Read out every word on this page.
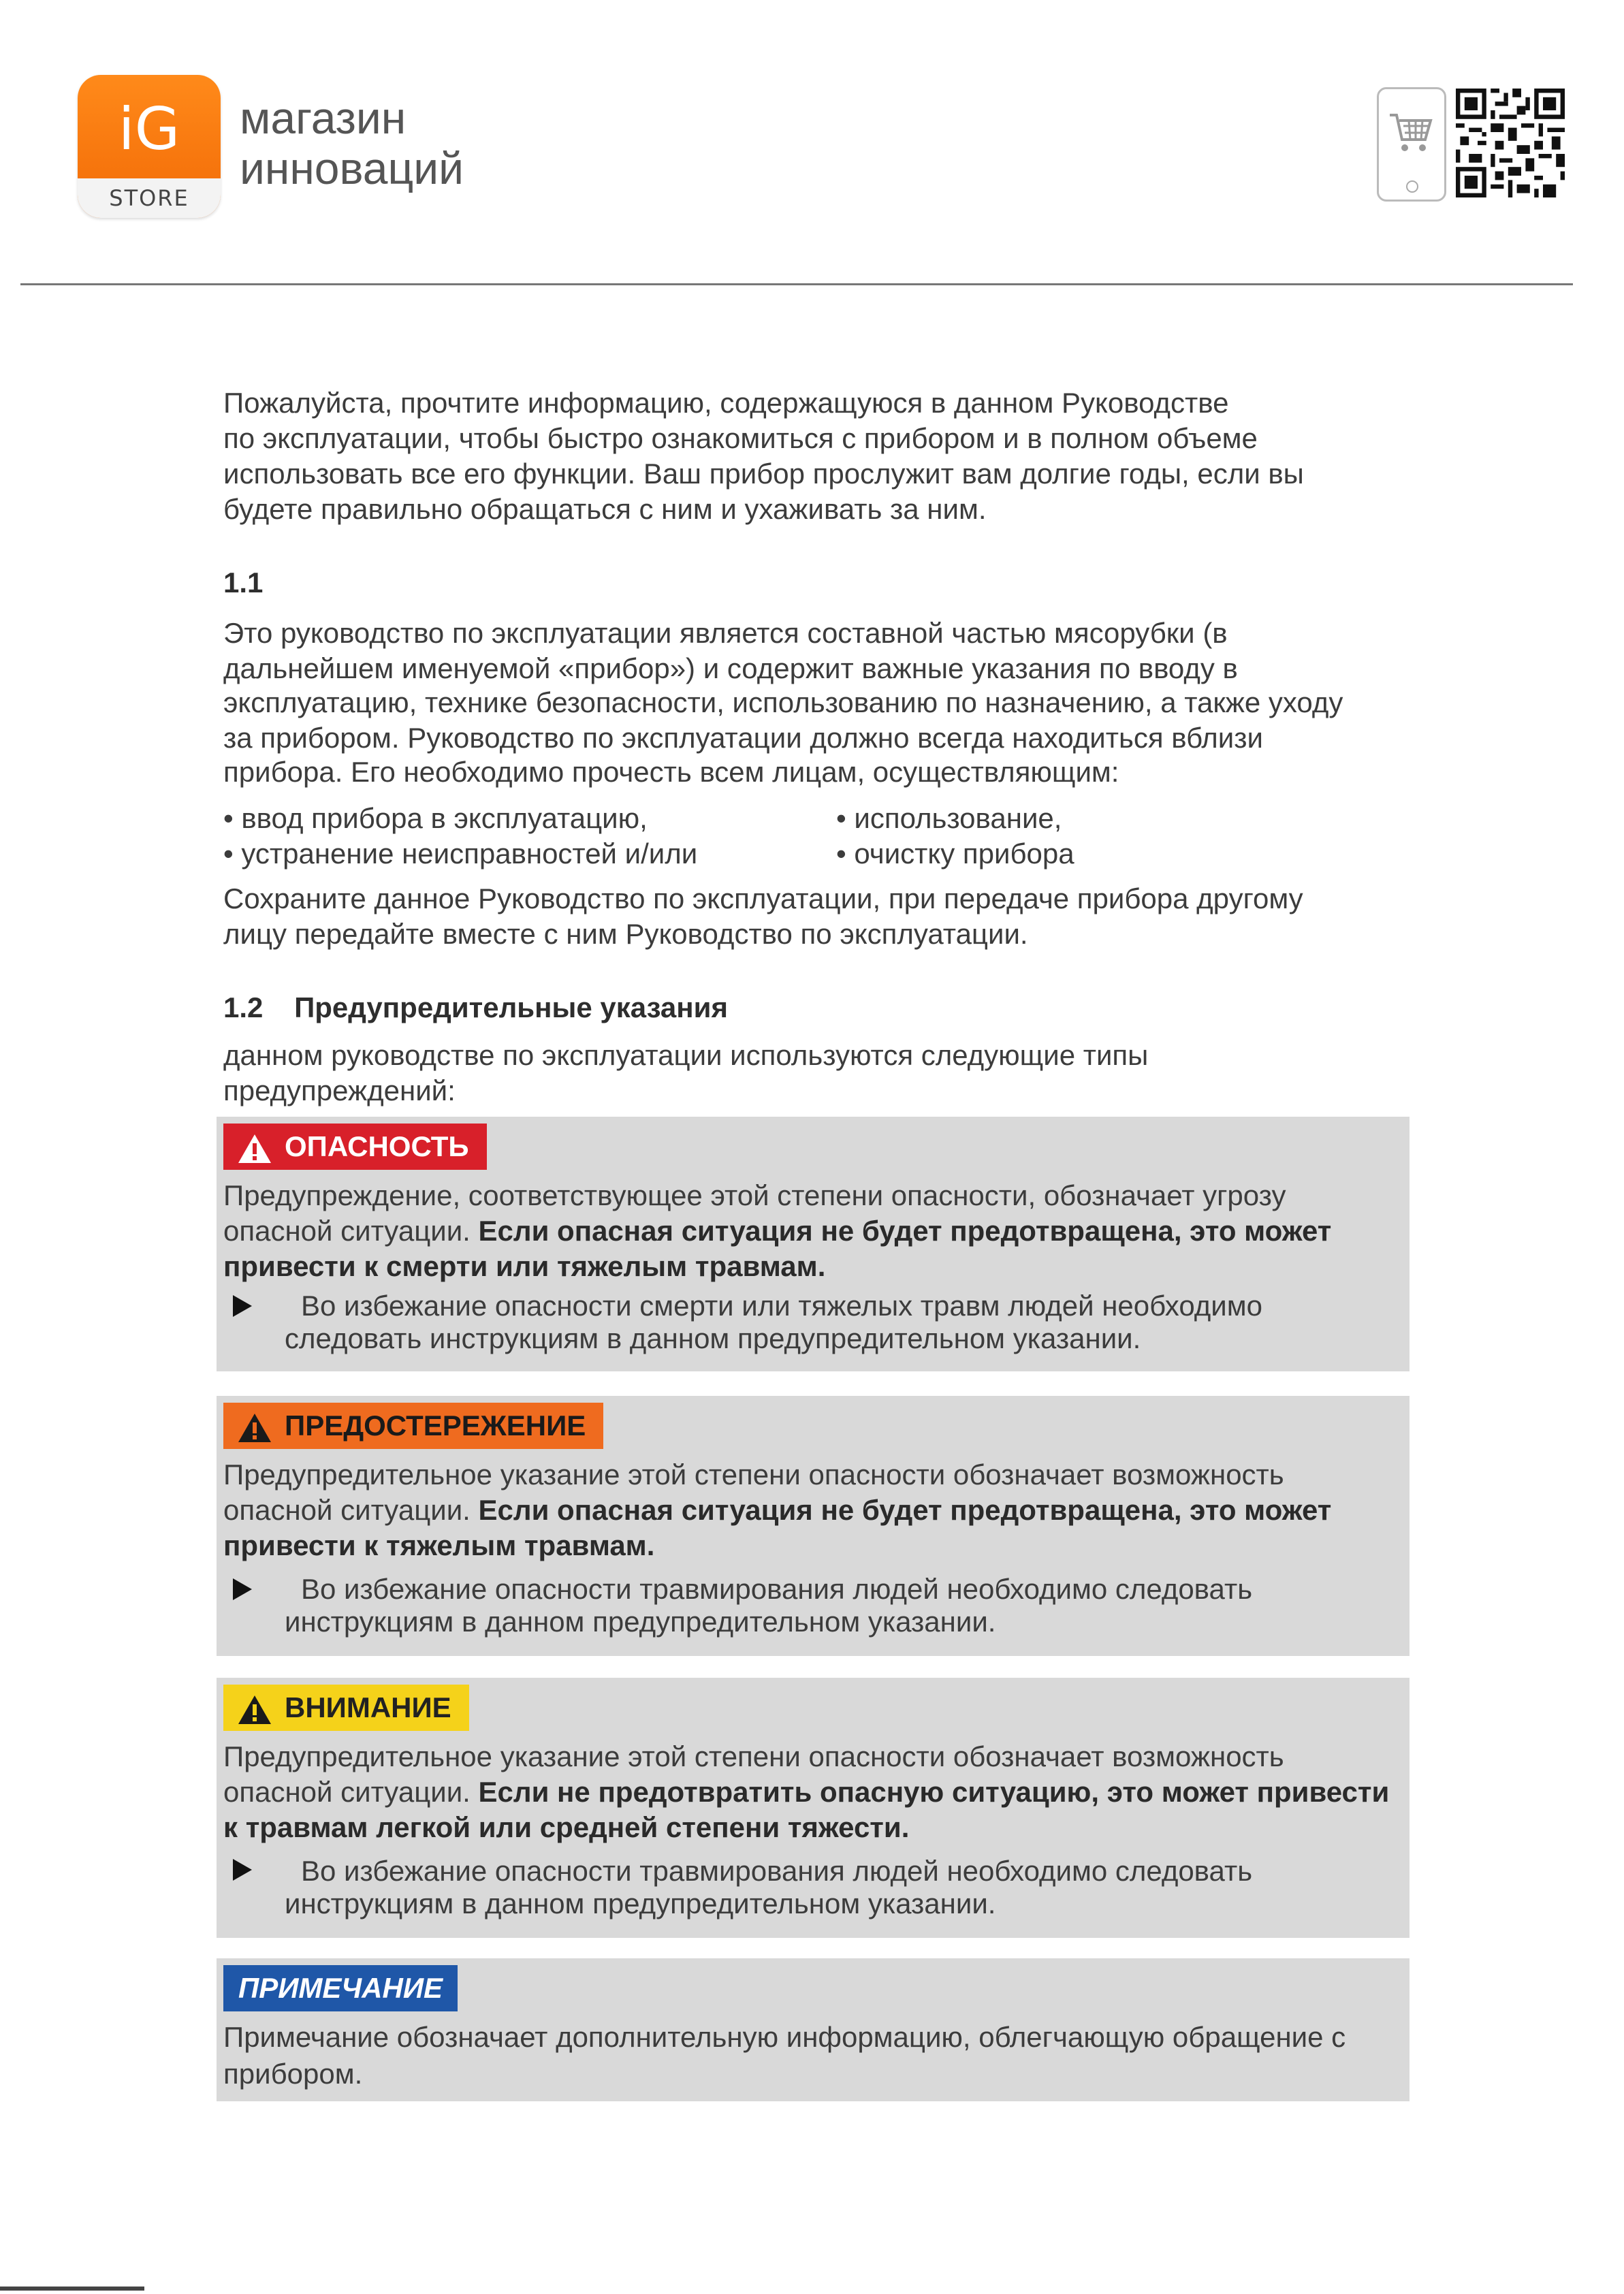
iG
STORE
магазин
инноваций

Пожалуйста, прочтите информацию, содержащуюся в данном Руководстве

по эксплуатации, чтобы быстро ознакомиться с прибором и в полном объеме

использовать все его функции. Ваш прибор прослужит вам долгие годы, если вы

будете правильно обращаться с ним и ухаживать за ним.

1.1

Это руководство по эксплуатации является составной частью мясорубки (в

дальнейшем именуемой «прибор») и содержит важные указания по вводу в

эксплуатацию, технике безопасности, использованию по назначению, а также уходу

за прибором. Руководство по эксплуатации должно всегда находиться вблизи

прибора. Его необходимо прочесть всем лицам, осуществляющим:

• ввод прибора в эксплуатацию,	• использование,

• устранение неисправностей и/или	• очистку прибора

Сохраните данное Руководство по эксплуатации, при передаче прибора другому

лицу передайте вместе с ним Руководство по эксплуатации.

1.2 Предупредительные указания

данном руководстве по эксплуатации используются следующие типы

предупреждений:

ОПАСНОСТЬ

Предупреждение, соответствующее этой степени опасности, обозначает угрозу

опасной ситуации. Если опасная ситуация не будет предотвращена, это может

привести к смерти или тяжелым травмам.

Во избежание опасности смерти или тяжелых травм людей необходимо
следовать инструкциям в данном предупредительном указании.

ПРЕДОСТЕРЕЖЕНИЕ

Предупредительное указание этой степени опасности обозначает возможность

опасной ситуации. Если опасная ситуация не будет предотвращена, это может

привести к тяжелым травмам.

Во избежание опасности травмирования людей необходимо следовать
инструкциям в данном предупредительном указании.

ВНИМАНИЕ

Предупредительное указание этой степени опасности обозначает возможность

опасной ситуации. Если не предотвратить опасную ситуацию, это может привести

к травмам легкой или средней степени тяжести.

Во избежание опасности травмирования людей необходимо следовать
инструкциям в данном предупредительном указании.

ПРИМЕЧАНИЕ

Примечание обозначает дополнительную информацию, облегчающую обращение с

прибором.
